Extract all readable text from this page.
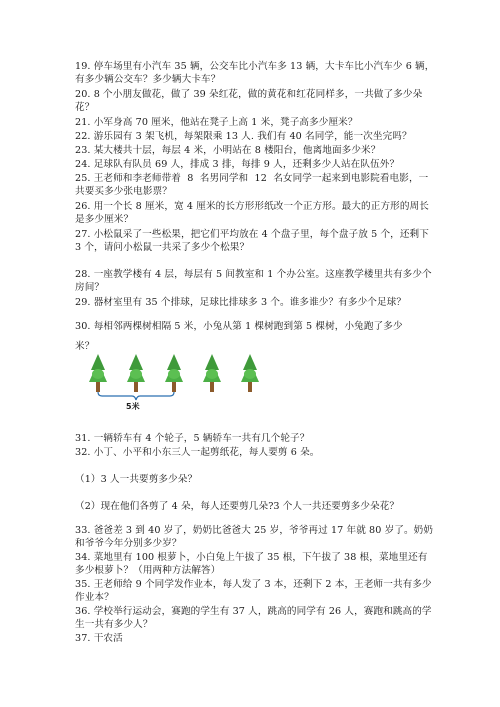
19. 停车场里有小汽车 35 辆，公交车比小汽车多 13 辆，大卡车比小汽车少 6 辆，有多少辆公交车？多少辆大卡车？
20. 8 个小朋友做花，做了 39 朵红花，做的黄花和红花同样多，一共做了多少朵花？
21. 小军身高 70 厘米，他站在凳子上高 1 米，凳子高多少厘米？
22. 游乐园有 3 架飞机，每架限乘 13 人. 我们有 40 名同学，能一次坐完吗？
23. 某大楼共十层，每层 4 米，小明站在 8 楼阳台，他离地面多少米？
24. 足球队有队员 69 人，排成 3 排，每排 9 人，还剩多少人站在队伍外？
25. 王老师和李老师带着  8  名男同学和  12  名女同学一起来到电影院看电影，一共要买多少张电影票？
26. 用一个长 8 厘米，宽 4 厘米的长方形形纸改一个正方形。最大的正方形的周长是多少厘米？
27. 小松鼠采了一些松果，把它们平均放在 4 个盘子里，每个盘子放 5 个，还剩下 3 个，请问小松鼠一共采了多少个松果？
28. 一座教学楼有 4 层，每层有 5 间教室和 1 个办公室。这座教学楼里共有多少个房间？
29. 器材室里有 35 个排球，足球比排球多 3 个。谁多谁少？有多少个足球？
30. 每相邻两棵树相隔 5 米，小兔从第 1 棵树跑到第 5 棵树，小兔跑了多少
米？
5米
31. 一辆轿车有 4 个轮子，5 辆轿车一共有几个轮子？
32. 小丁、小平和小东三人一起剪纸花，每人要剪 6 朵。
（1）3 人一共要剪多少朵？
（2）现在他们各剪了 4 朵，每人还要剪几朵?3 个人一共还要剪多少朵花？
33. 爸爸差 3 到 40 岁了，奶奶比爸爸大 25 岁，爷爷再过 17 年就 80 岁了。奶奶和爷爷今年分别多少岁？
34. 菜地里有 100 根萝卜，小白兔上午拔了 35 根，下午拔了 38 根，菜地里还有多少根萝卜？（用两种方法解答）
35. 王老师给 9 个同学发作业本，每人发了 3 本，还剩下 2 本，王老师一共有多少作业本？
36. 学校举行运动会，赛跑的学生有 37 人，跳高的同学有 26 人，赛跑和跳高的学生一共有多少人？
37. 干农活
